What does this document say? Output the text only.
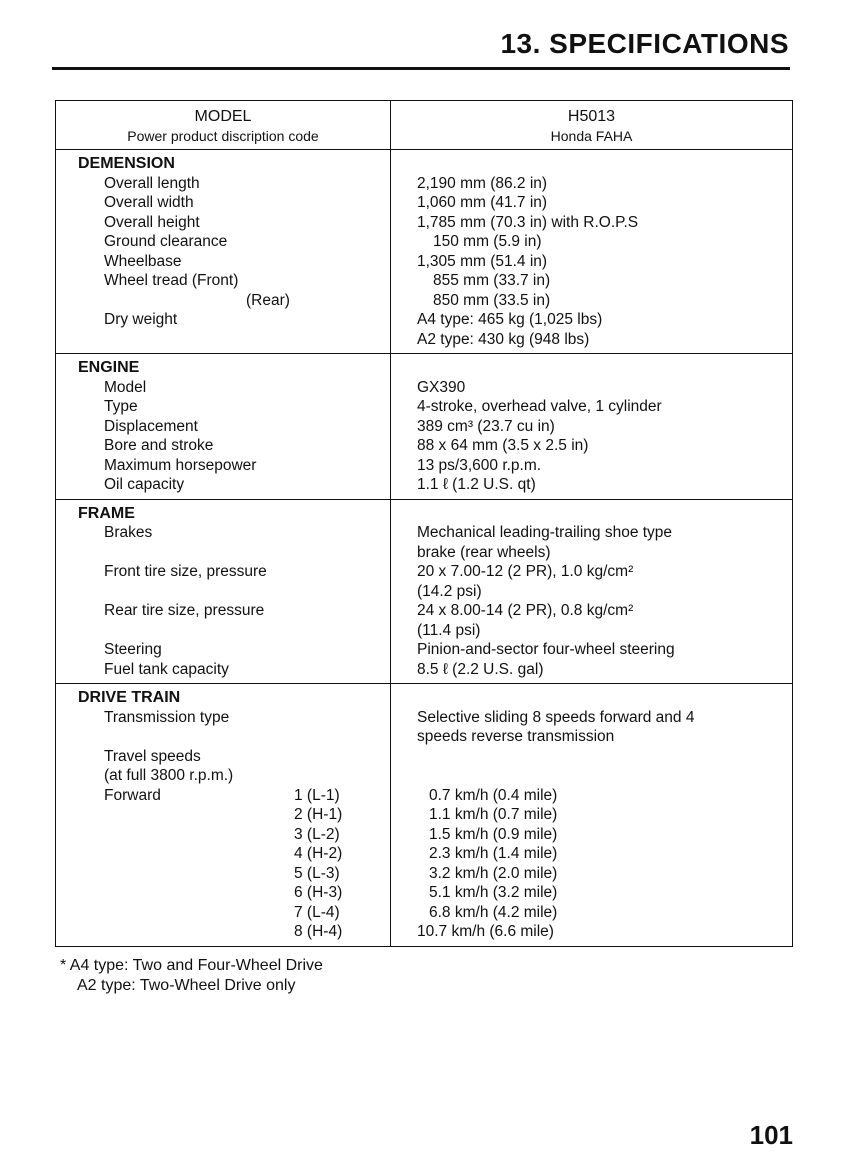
13. SPECIFICATIONS
MODEL
Power product discription code
H5013
Honda FAHA
DEMENSION
Overall length
Overall width
Overall height
Ground clearance
Wheelbase
Wheel tread (Front)
(Rear)
Dry weight
2,190 mm (86.2 in)
1,060 mm (41.7 in)
1,785 mm (70.3 in) with R.O.P.S
150 mm (5.9 in)
1,305 mm (51.4 in)
855 mm (33.7 in)
850 mm (33.5 in)
A4 type: 465 kg (1,025 lbs)
A2 type: 430 kg (948 lbs)
ENGINE
Model
Type
Displacement
Bore and stroke
Maximum horsepower
Oil capacity
GX390
4-stroke, overhead valve, 1 cylinder
389 cm³ (23.7 cu in)
88 x 64 mm (3.5 x 2.5 in)
13 ps/3,600 r.p.m.
1.1 ℓ (1.2 U.S. qt)
FRAME
Brakes
Front tire size, pressure
Rear tire size, pressure
Steering
Fuel tank capacity
Mechanical leading-trailing shoe type
brake (rear wheels)
20 x 7.00-12 (2 PR), 1.0 kg/cm²
(14.2 psi)
24 x 8.00-14 (2 PR), 0.8 kg/cm²
(11.4 psi)
Pinion-and-sector four-wheel steering
8.5 ℓ (2.2 U.S. gal)
DRIVE TRAIN
Transmission type
Travel speeds
(at full 3800 r.p.m.)
Forward	1 (L-1)
2 (H-1)
3 (L-2)
4 (H-2)
5 (L-3)
6 (H-3)
7 (L-4)
8 (H-4)
Selective sliding 8 speeds forward and 4
speeds reverse transmission
0.7 km/h (0.4 mile)
1.1 km/h (0.7 mile)
1.5 km/h (0.9 mile)
2.3 km/h (1.4 mile)
3.2 km/h (2.0 mile)
5.1 km/h (3.2 mile)
6.8 km/h (4.2 mile)
10.7 km/h (6.6 mile)
* A4 type: Two and Four-Wheel Drive
A2 type: Two-Wheel Drive only
101
